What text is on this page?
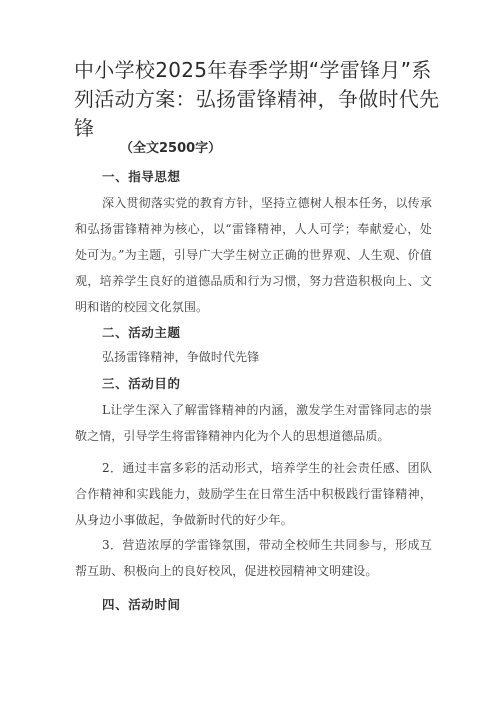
中小学校2025年春季学期“学雷锋月”系列活动方案：弘扬雷锋精神，争做时代先锋
（全文2500字）
一、指导思想
深入贯彻落实党的教育方针，坚持立德树人根本任务，以传承和弘扬雷锋精神为核心，以“雷锋精神，人人可学；奉献爱心，处处可为。”为主题，引导广大学生树立正确的世界观、人生观、价值观，培养学生良好的道德品质和行为习惯，努力营造积极向上、文明和谐的校园文化氛围。
二、活动主题
弘扬雷锋精神，争做时代先锋
三、活动目的
L让学生深入了解雷锋精神的内涵，激发学生对雷锋同志的崇敬之情，引导学生将雷锋精神内化为个人的思想道德品质。
2．通过丰富多彩的活动形式，培养学生的社会责任感、团队合作精神和实践能力，鼓励学生在日常生活中积极践行雷锋精神，从身边小事做起，争做新时代的好少年。
3．营造浓厚的学雷锋氛围，带动全校师生共同参与，形成互帮互助、积极向上的良好校风，促进校园精神文明建设。
四、活动时间
